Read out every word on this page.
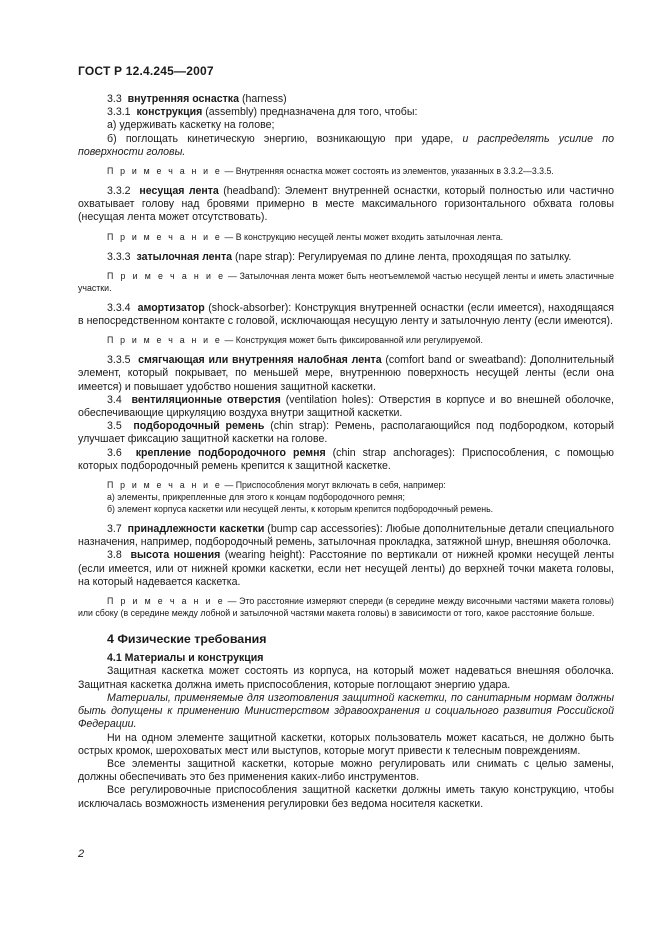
ГОСТ Р 12.4.245—2007

3.3 внутренняя оснастка (harness)

3.3.1 конструкция (assembly) предназначена для того, чтобы:

а) удерживать каскетку на голове;

б) поглощать кинетическую энергию, возникающую при ударе, и распределять усилие по поверхности головы.

П р и м е ч а н и е — Внутренняя оснастка может состоять из элементов, указанных в 3.3.2—3.3.5.

3.3.2 несущая лента (headband): Элемент внутренней оснастки, который полностью или частично охватывает голову над бровями примерно в месте максимального горизонтального обхвата головы (несущая лента может отсутствовать).

П р и м е ч а н и е — В конструкцию несущей ленты может входить затылочная лента.

3.3.3 затылочная лента (nape strap): Регулируемая по длине лента, проходящая по затылку.

П р и м е ч а н и е — Затылочная лента может быть неотъемлемой частью несущей ленты и иметь эластичные участки.

3.3.4 амортизатор (shock-absorber): Конструкция внутренней оснастки (если имеется), находящаяся в непосредственном контакте с головой, исключающая несущую ленту и затылочную ленту (если имеются).

П р и м е ч а н и е — Конструкция может быть фиксированной или регулируемой.

3.3.5 смягчающая или внутренняя налобная лента (comfort band or sweatband): Дополнительный элемент, который покрывает, по меньшей мере, внутреннюю поверхность несущей ленты (если она имеется) и повышает удобство ношения защитной каскетки.

3.4 вентиляционные отверстия (ventilation holes): Отверстия в корпусе и во внешней оболочке, обеспечивающие циркуляцию воздуха внутри защитной каскетки.

3.5 подбородочный ремень (chin strap): Ремень, располагающийся под подбородком, который улучшает фиксацию защитной каскетки на голове.

3.6 крепление подбородочного ремня (chin strap anchorages): Приспособления, с помощью которых подбородочный ремень крепится к защитной каскетке.

П р и м е ч а н и е — Приспособления могут включать в себя, например:

а) элементы, прикрепленные для этого к концам подбородочного ремня;

б) элемент корпуса каскетки или несущей ленты, к которым крепится подбородочный ремень.

3.7 принадлежности каскетки (bump cap accessories): Любые дополнительные детали специального назначения, например, подбородочный ремень, затылочная прокладка, затяжной шнур, внешняя оболочка.

3.8 высота ношения (wearing height): Расстояние по вертикали от нижней кромки несущей ленты (если имеется, или от нижней кромки каскетки, если нет несущей ленты) до верхней точки макета головы, на который надевается каскетка.

П р и м е ч а н и е — Это расстояние измеряют спереди (в середине между височными частями макета головы) или сбоку (в середине между лобной и затылочной частями макета головы) в зависимости от того, какое расстояние больше.

4 Физические требования

4.1 Материалы и конструкция

Защитная каскетка может состоять из корпуса, на который может надеваться внешняя оболочка. Защитная каскетка должна иметь приспособления, которые поглощают энергию удара.

Материалы, применяемые для изготовления защитной каскетки, по санитарным нормам должны быть допущены к применению Министерством здравоохранения и социального развития Российской Федерации.

Ни на одном элементе защитной каскетки, которых пользователь может касаться, не должно быть острых кромок, шероховатых мест или выступов, которые могут привести к телесным повреждениям.

Все элементы защитной каскетки, которые можно регулировать или снимать с целью замены, должны обеспечивать это без применения каких-либо инструментов.

Все регулировочные приспособления защитной каскетки должны иметь такую конструкцию, чтобы исключалась возможность изменения регулировки без ведома носителя каскетки.

2
